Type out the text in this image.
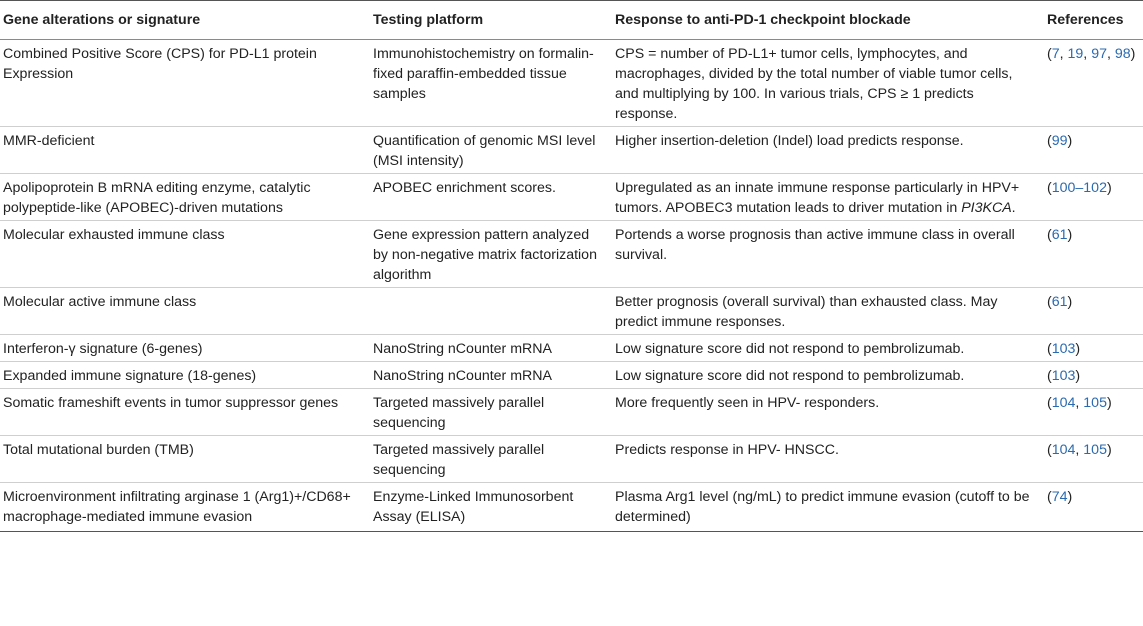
Gene alterations or signature	Testing platform	Response to anti-PD-1 checkpoint blockade	References
Combined Positive Score (CPS) for PD-L1 protein Expression	Immunohistochemistry on formalin-fixed paraffin-embedded tissue samples	CPS = number of PD-L1+ tumor cells, lymphocytes, and macrophages, divided by the total number of viable tumor cells, and multiplying by 100. In various trials, CPS ≥ 1 predicts response.	(7, 19, 97, 98)
MMR-deficient	Quantification of genomic MSI level (MSI intensity)	Higher insertion-deletion (Indel) load predicts response.	(99)
Apolipoprotein B mRNA editing enzyme, catalytic polypeptide-like (APOBEC)-driven mutations	APOBEC enrichment scores.	Upregulated as an innate immune response particularly in HPV+ tumors. APOBEC3 mutation leads to driver mutation in PI3KCA.	(100–102)
Molecular exhausted immune class	Gene expression pattern analyzed by non-negative matrix factorization algorithm	Portends a worse prognosis than active immune class in overall survival.	(61)
Molecular active immune class		Better prognosis (overall survival) than exhausted class. May predict immune responses.	(61)
Interferon-γ signature (6-genes)	NanoString nCounter mRNA	Low signature score did not respond to pembrolizumab.	(103)
Expanded immune signature (18-genes)	NanoString nCounter mRNA	Low signature score did not respond to pembrolizumab.	(103)
Somatic frameshift events in tumor suppressor genes	Targeted massively parallel sequencing	More frequently seen in HPV- responders.	(104, 105)
Total mutational burden (TMB)	Targeted massively parallel sequencing	Predicts response in HPV- HNSCC.	(104, 105)
Microenvironment infiltrating arginase 1 (Arg1)+/CD68+ macrophage-mediated immune evasion	Enzyme-Linked Immunosorbent Assay (ELISA)	Plasma Arg1 level (ng/mL) to predict immune evasion (cutoff to be determined)	(74)
